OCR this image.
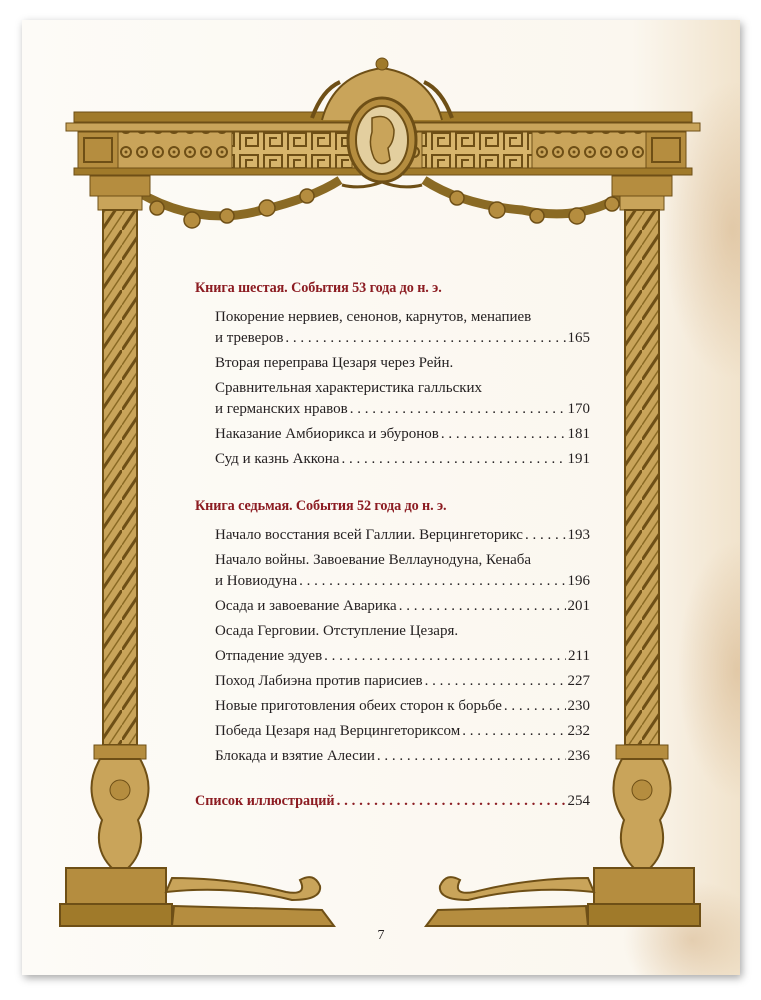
Книга шестая. События 53 года до н. э.
Покорение нервиев, сенонов, карнутов, менапиев
и треверов . . .	165
Вторая переправа Цезаря через Рейн.
Сравнительная характеристика галльских
и германских нравов . . .	170
Наказание Амбиорикса и эбуронов . . .	181
Суд и казнь Аккона . . .	191
Книга седьмая. События 52 года до н. э.
Начало восстания всей Галлии. Верцингеторикс . . .	193
Начало войны. Завоевание Веллаунодуна, Кенаба
и Новиодуна . . .	196
Осада и завоевание Аварика . . .	201
Осада Герговии. Отступление Цезаря.
Отпадение эдуев . . .	211
Поход Лабиэна против парисиев . . .	227
Новые приготовления обеих сторон к борьбе . . .	230
Победа Цезаря над Верцингеториксом . . .	232
Блокада и взятие Алесии . . .	236
Список иллюстраций . . .	254
7
